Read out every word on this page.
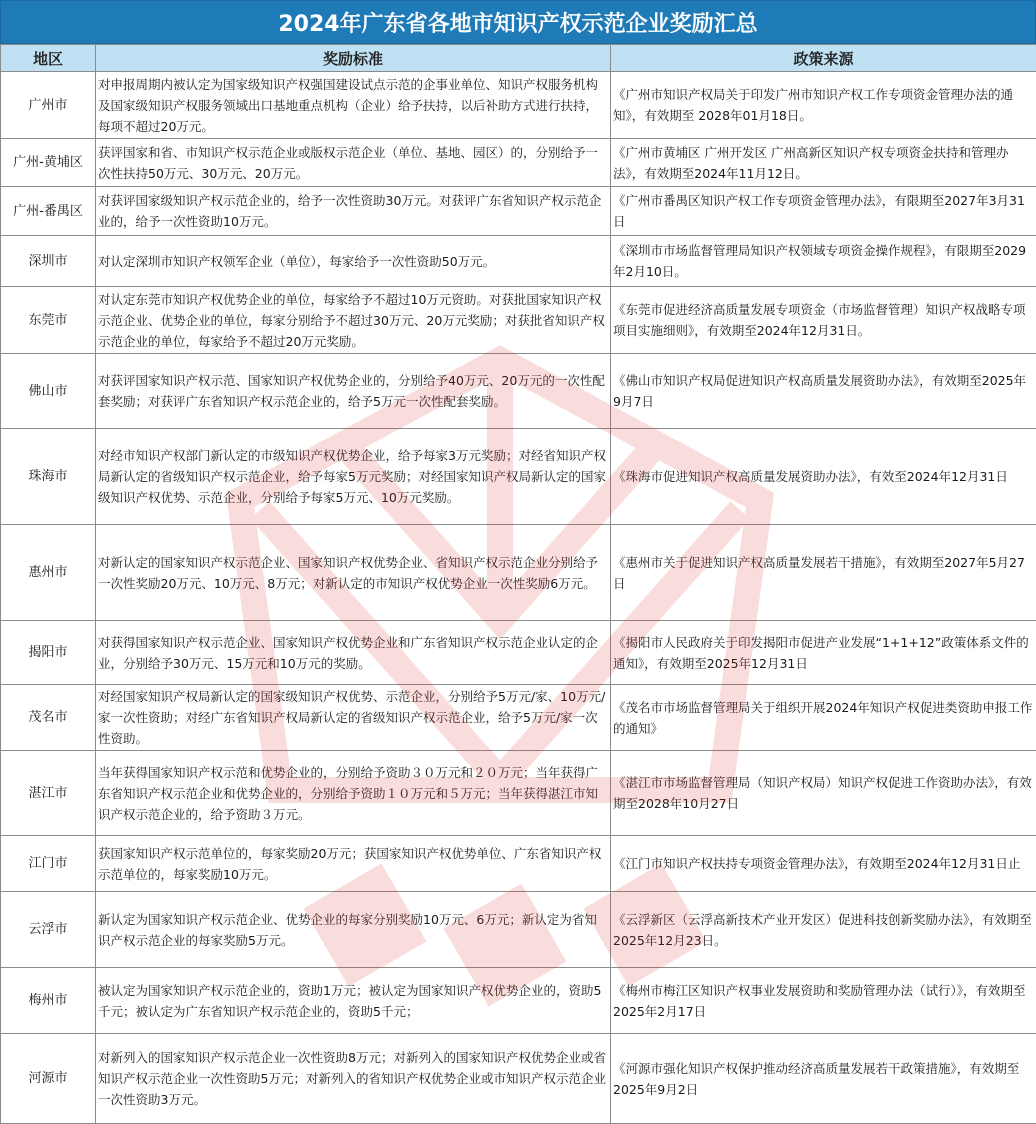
2024年广东省各地市知识产权示范企业奖励汇总
地区	奖励标准	政策来源
广州市	对申报周期内被认定为国家级知识产权强国建设试点示范的企事业单位、知识产权服务机构及国家级知识产权服务领域出口基地重点机构（企业）给予扶持，以后补助方式进行扶持，每项不超过20万元。	《广州市知识产权局关于印发广州市知识产权工作专项资金管理办法的通知》，有效期至 2028年01月18日。
广州-黄埔区	获评国家和省、市知识产权示范企业或版权示范企业（单位、基地、园区）的，分别给予一次性扶持50万元、30万元、20万元。	《广州市黄埔区 广州开发区 广州高新区知识产权专项资金扶持和管理办法》，有效期至2024年11月12日。
广州-番禺区	对获评国家级知识产权示范企业的，给予一次性资助30万元。对获评广东省知识产权示范企业的，给予一次性资助10万元。	《广州市番禺区知识产权工作专项资金管理办法》，有限期至2027年3月31日
深圳市	对认定深圳市知识产权领军企业（单位），每家给予一次性资助50万元。	《深圳市市场监督管理局知识产权领域专项资金操作规程》，有限期至2029年2月10日。
东莞市	对认定东莞市知识产权优势企业的单位，每家给予不超过10万元资助。对获批国家知识产权示范企业、优势企业的单位，每家分别给予不超过30万元、20万元奖励；对获批省知识产权示范企业的单位，每家给予不超过20万元奖励。	《东莞市促进经济高质量发展专项资金（市场监督管理）知识产权战略专项项目实施细则》，有效期至2024年12月31日。
佛山市	对获评国家知识产权示范、国家知识产权优势企业的，分别给予40万元、20万元的一次性配套奖励；对获评广东省知识产权示范企业的，给予5万元一次性配套奖励。	《佛山市知识产权局促进知识产权高质量发展资助办法》，有效期至2025年9月7日
珠海市	对经市知识产权部门新认定的市级知识产权优势企业，给予每家3万元奖励；对经省知识产权局新认定的省级知识产权示范企业，给予每家5万元奖励；对经国家知识产权局新认定的国家级知识产权优势、示范企业，分别给予每家5万元、10万元奖励。	《珠海市促进知识产权高质量发展资助办法》，有效至2024年12月31日
惠州市	对新认定的国家知识产权示范企业、国家知识产权优势企业、省知识产权示范企业分别给予一次性奖励20万元、10万元、8万元；对新认定的市知识产权优势企业一次性奖励6万元。	《惠州市关于促进知识产权高质量发展若干措施》，有效期至2027年5月27日
揭阳市	对获得国家知识产权示范企业、国家知识产权优势企业和广东省知识产权示范企业认定的企业，分别给予30万元、15万元和10万元的奖励。	《揭阳市人民政府关于印发揭阳市促进产业发展“1+1+12”政策体系文件的通知》，有效期至2025年12月31日
茂名市	对经国家知识产权局新认定的国家级知识产权优势、示范企业，分别给予5万元/家、10万元/家一次性资助；对经广东省知识产权局新认定的省级知识产权示范企业，给予5万元/家一次性资助。	《茂名市市场监督管理局关于组织开展2024年知识产权促进类资助申报工作的通知》
湛江市	当年获得国家知识产权示范和优势企业的，分别给予资助３０万元和２０万元；当年获得广东省知识产权示范企业和优势企业的，分别给予资助１０万元和５万元；当年获得湛江市知识产权示范企业的，给予资助３万元。	《湛江市市场监督管理局（知识产权局）知识产权促进工作资助办法》，有效期至2028年10月27日
江门市	获国家知识产权示范单位的，每家奖励20万元；获国家知识产权优势单位、广东省知识产权示范单位的，每家奖励10万元。	《江门市知识产权扶持专项资金管理办法》，有效期至2024年12月31日止
云浮市	新认定为国家知识产权示范企业、优势企业的每家分别奖励10万元、6万元；新认定为省知识产权示范企业的每家奖励5万元。	《云浮新区（云浮高新技术产业开发区）促进科技创新奖励办法》，有效期至2025年12月23日。
梅州市	被认定为国家知识产权示范企业的，资助1万元；被认定为国家知识产权优势企业的，资助5千元；被认定为广东省知识产权示范企业的，资助5千元；	《梅州市梅江区知识产权事业发展资助和奖励管理办法（试行）》，有效期至2025年2月17日
河源市	对新列入的国家知识产权示范企业一次性资助8万元；对新列入的国家知识产权优势企业或省知识产权示范企业一次性资助5万元；对新列入的省知识产权优势企业或市知识产权示范企业一次性资助3万元。	《河源市强化知识产权保护推动经济高质量发展若干政策措施》，有效期至2025年9月2日
